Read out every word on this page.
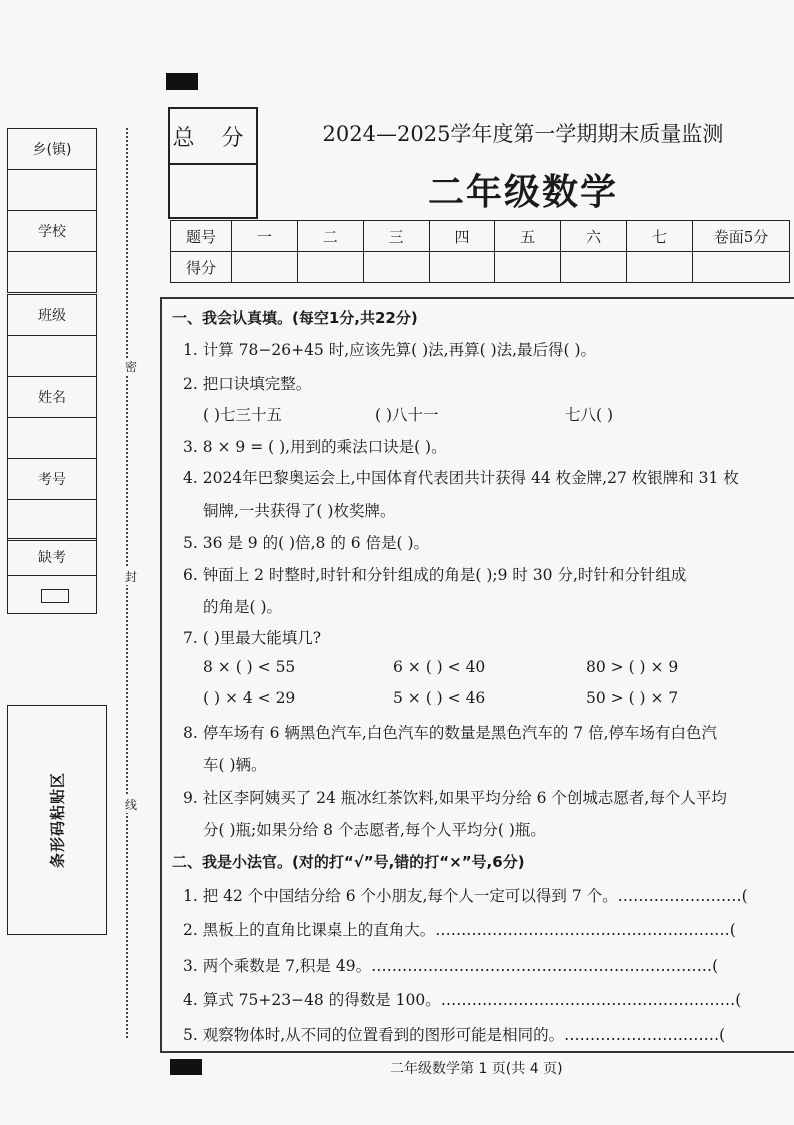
乡(镇)
学校
班级
姓名
考号
缺考
条形码粘贴区
密
封
线
总 分	2024—2025学年度第一学期期末质量监测
二年级数学
题号	一	二	三	四	五	六	七	卷面5分
得分								
一、我会认真填。(每空1分,共22分)
1. 计算 78−26+45 时,应该先算( )法,再算( )法,最后得( )。
2. 把口诀填完整。
( )七三十五	( )八十一	七八( )
3. 8 × 9 = ( ),用到的乘法口诀是( )。
4. 2024年巴黎奥运会上,中国体育代表团共计获得 44 枚金牌,27 枚银牌和 31 枚
铜牌,一共获得了( )枚奖牌。
5. 36 是 9 的( )倍,8 的 6 倍是( )。
6. 钟面上 2 时整时,时针和分针组成的角是( );9 时 30 分,时针和分针组成
的角是( )。
7. ( )里最大能填几?
8 × ( ) < 55	6 × ( ) < 40	80 > ( ) × 9
( ) × 4 < 29	5 × ( ) < 46	50 > ( ) × 7
8. 停车场有 6 辆黑色汽车,白色汽车的数量是黑色汽车的 7 倍,停车场有白色汽
车( )辆。
9. 社区李阿姨买了 24 瓶冰红茶饮料,如果平均分给 6 个创城志愿者,每个人平均
分( )瓶;如果分给 8 个志愿者,每个人平均分( )瓶。
二、我是小法官。(对的打“√”号,错的打“×”号,6分)
1. 把 42 个中国结分给 6 个小朋友,每个人一定可以得到 7 个。……………………(
2. 黑板上的直角比课桌上的直角大。…………………………………………………(
3. 两个乘数是 7,积是 49。…………………………………………………………(
4. 算式 75+23−48 的得数是 100。…………………………………………………(
5. 观察物体时,从不同的位置看到的图形可能是相同的。…………………………(
二年级数学第 1 页(共 4 页)
